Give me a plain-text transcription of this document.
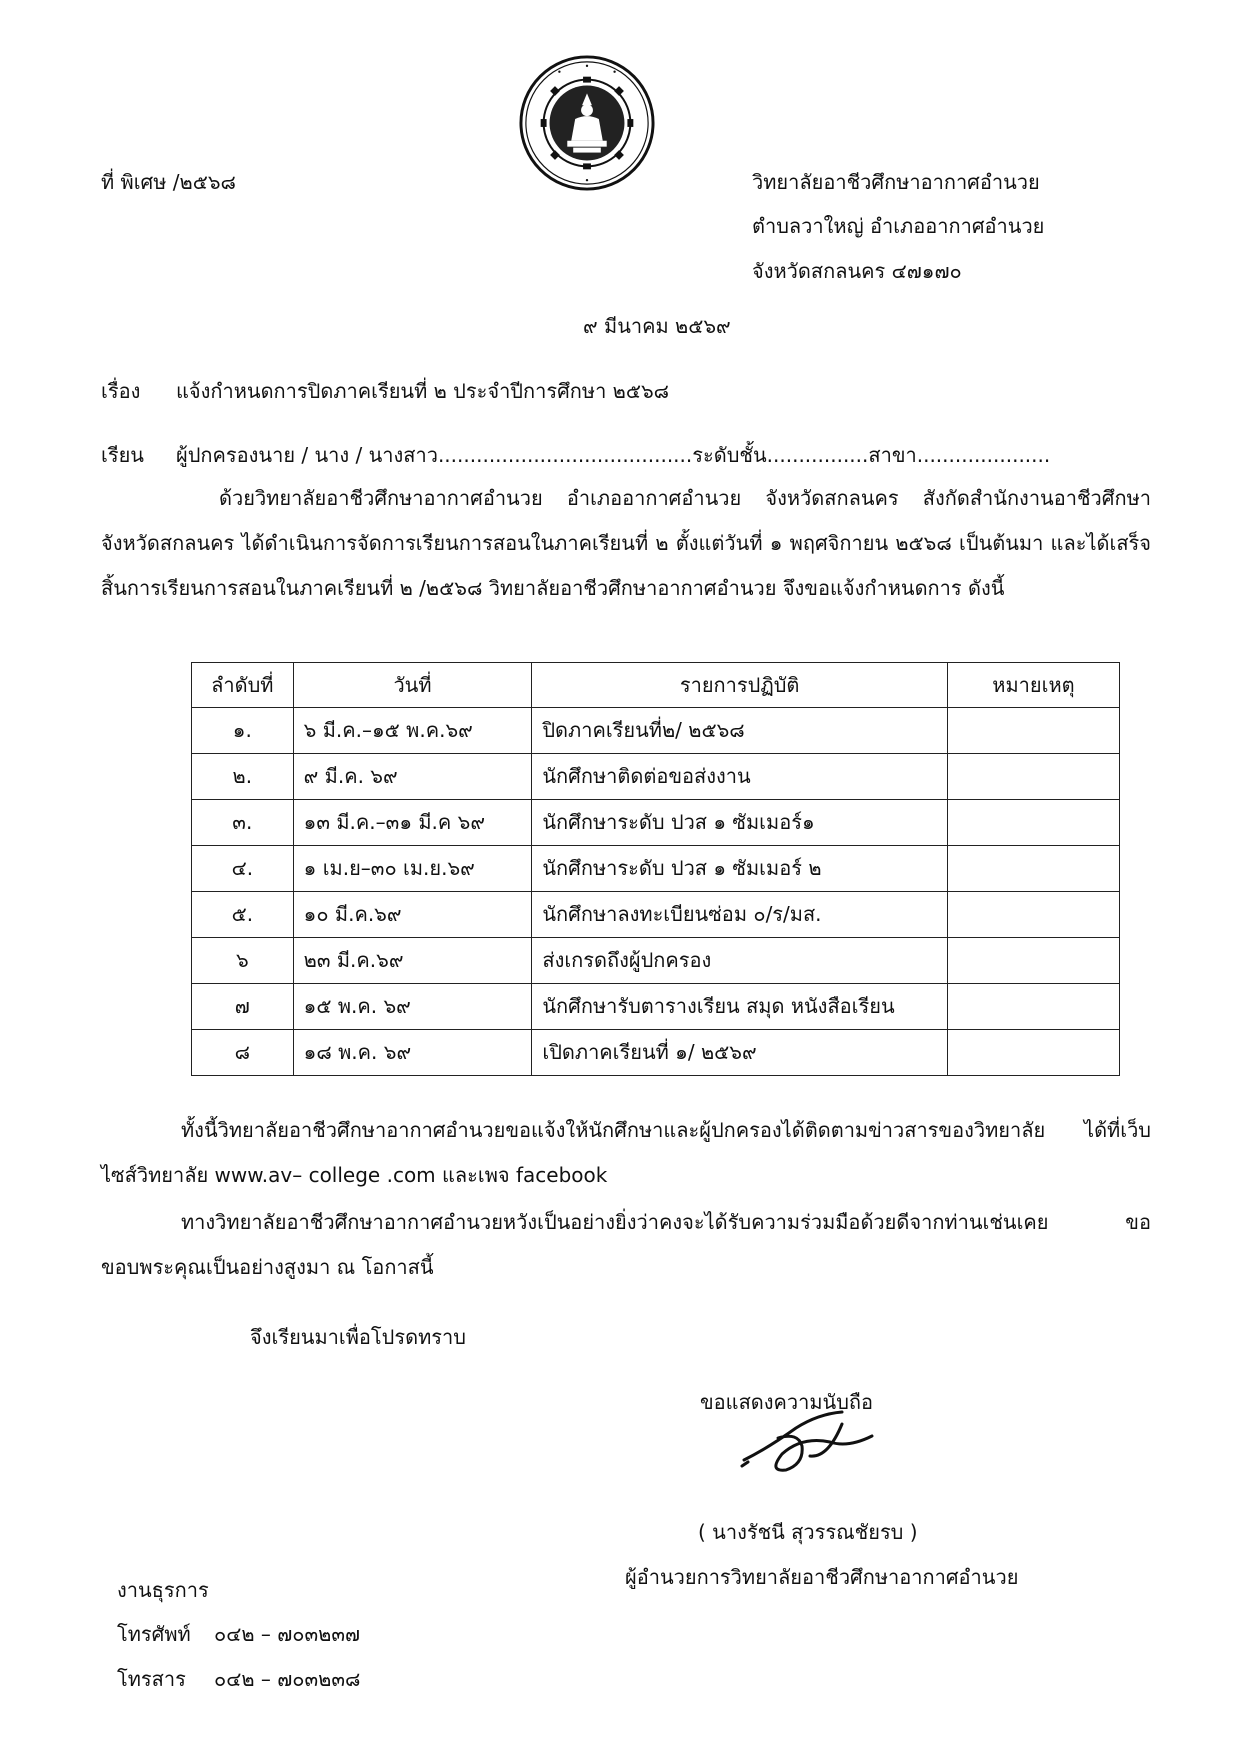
ที่ พิเศษ /๒๕๖๘	วิทยาลัยอาชีวศึกษาอากาศอำนวย
ตำบลวาใหญ่ อำเภออากาศอำนวย
จังหวัดสกลนคร ๔๗๑๗๐
๙ มีนาคม ๒๕๖๙
เรื่อง แจ้งกำหนดการปิดภาคเรียนที่ ๒ ประจำปีการศึกษา ๒๕๖๘
เรียน ผู้ปกครองนาย / นาง / นางสาว........................................ระดับชั้น................สาขา.....................
ด้วยวิทยาลัยอาชีวศึกษาอากาศอำนวย อำเภออากาศอำนวย จังหวัดสกลนคร สังกัดสำนักงานอาชีวศึกษาจังหวัดสกลนคร ได้ดำเนินการจัดการเรียนการสอนในภาคเรียนที่ ๒ ตั้งแต่วันที่ ๑ พฤศจิกายน ๒๕๖๘ เป็นต้นมา และได้เสร็จสิ้นการเรียนการสอนในภาคเรียนที่ ๒ /๒๕๖๘ วิทยาลัยอาชีวศึกษาอากาศอำนวย จึงขอแจ้งกำหนดการ ดังนี้
ลำดับที่	วันที่	รายการปฏิบัติ	หมายเหตุ
๑.	๖ มี.ค.–๑๕ พ.ค.๖๙	ปิดภาคเรียนที่๒/ ๒๕๖๘	
๒.	๙ มี.ค. ๖๙	นักศึกษาติดต่อขอส่งงาน	
๓.	๑๓ มี.ค.–๓๑ มี.ค ๖๙	นักศึกษาระดับ ปวส ๑ ซัมเมอร์๑	
๔.	๑ เม.ย–๓๐ เม.ย.๖๙	นักศึกษาระดับ ปวส ๑ ซัมเมอร์ ๒	
๕.	๑๐ มี.ค.๖๙	นักศึกษาลงทะเบียนซ่อม ๐/ร/มส.	
๖	๒๓ มี.ค.๖๙	ส่งเกรดถึงผู้ปกครอง	
๗	๑๕ พ.ค. ๖๙	นักศึกษารับตารางเรียน สมุด หนังสือเรียน	
๘	๑๘ พ.ค. ๖๙	เปิดภาคเรียนที่ ๑/ ๒๕๖๙	
ทั้งนี้วิทยาลัยอาชีวศึกษาอากาศอำนวยขอแจ้งให้นักศึกษาและผู้ปกครองได้ติดตามข่าวสารของวิทยาลัย ได้ที่เว็บไซส์วิทยาลัย www.av– college .com และเพจ facebook
ทางวิทยาลัยอาชีวศึกษาอากาศอำนวยหวังเป็นอย่างยิ่งว่าคงจะได้รับความร่วมมือด้วยดีจากท่านเช่นเคย ขอขอบพระคุณเป็นอย่างสูงมา ณ โอกาสนี้
จึงเรียนมาเพื่อโปรดทราบ
ขอแสดงความนับถือ
( นางรัชนี สุวรรณชัยรบ )
ผู้อำนวยการวิทยาลัยอาชีวศึกษาอากาศอำนวย
งานธุรการ
โทรศัพท์ ๐๔๒ – ๗๐๓๒๓๗
โทรสาร ๐๔๒ – ๗๐๓๒๓๘
